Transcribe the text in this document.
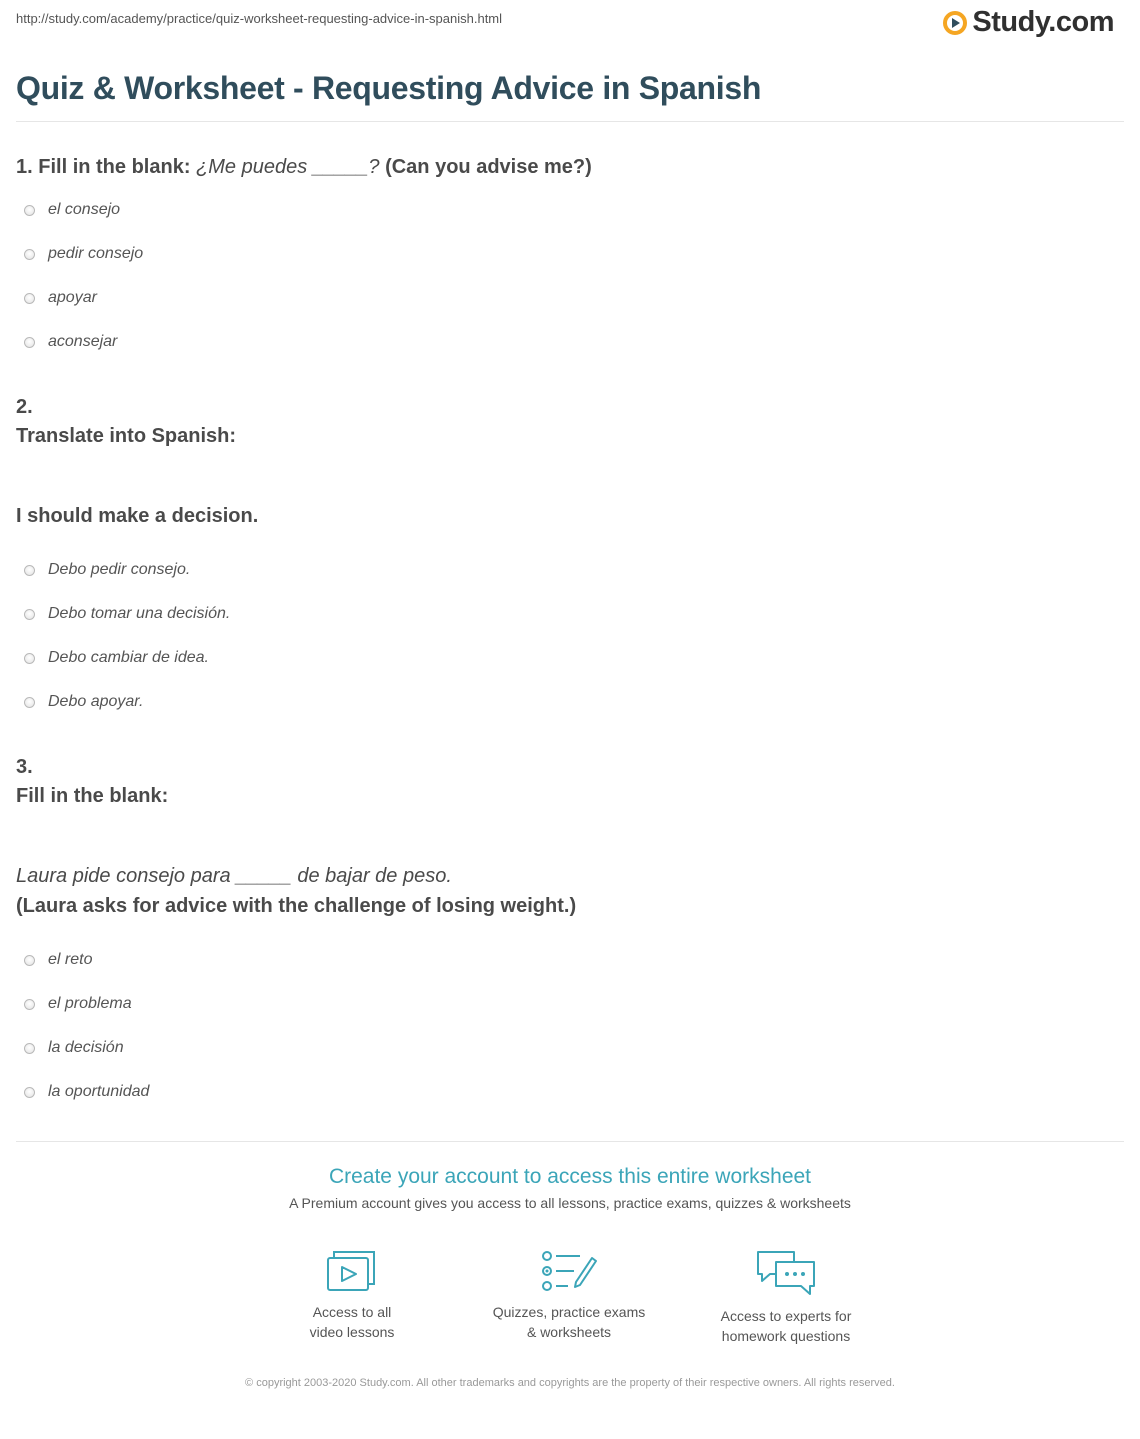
http://study.com/academy/practice/quiz-worksheet-requesting-advice-in-spanish.html	Study.com
Quiz & Worksheet - Requesting Advice in Spanish
1. Fill in the blank: ¿Me puedes _____? (Can you advise me?)
el consejo
pedir consejo
apoyar
aconsejar
2.
Translate into Spanish:
I should make a decision.
Debo pedir consejo.
Debo tomar una decisión.
Debo cambiar de idea.
Debo apoyar.
3.
Fill in the blank:
Laura pide consejo para _____ de bajar de peso.
(Laura asks for advice with the challenge of losing weight.)
el reto
el problema
la decisión
la oportunidad
Create your account to access this entire worksheet
A Premium account gives you access to all lessons, practice exams, quizzes & worksheets
Access to all
video lessons
Quizzes, practice exams
& worksheets
Access to experts for
homework questions
© copyright 2003-2020 Study.com. All other trademarks and copyrights are the property of their respective owners. All rights reserved.
